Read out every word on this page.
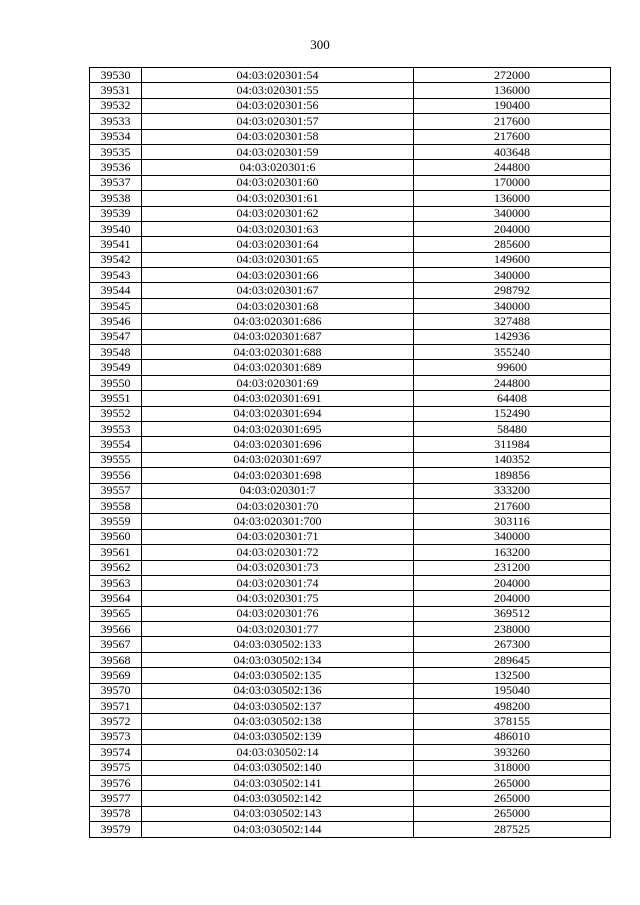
300
39530	04:03:020301:54	272000
39531	04:03:020301:55	136000
39532	04:03:020301:56	190400
39533	04:03:020301:57	217600
39534	04:03:020301:58	217600
39535	04:03:020301:59	403648
39536	04:03:020301:6	244800
39537	04:03:020301:60	170000
39538	04:03:020301:61	136000
39539	04:03:020301:62	340000
39540	04:03:020301:63	204000
39541	04:03:020301:64	285600
39542	04:03:020301:65	149600
39543	04:03:020301:66	340000
39544	04:03:020301:67	298792
39545	04:03:020301:68	340000
39546	04:03:020301:686	327488
39547	04:03:020301:687	142936
39548	04:03:020301:688	355240
39549	04:03:020301:689	99600
39550	04:03:020301:69	244800
39551	04:03:020301:691	64408
39552	04:03:020301:694	152490
39553	04:03:020301:695	58480
39554	04:03:020301:696	311984
39555	04:03:020301:697	140352
39556	04:03:020301:698	189856
39557	04:03:020301:7	333200
39558	04:03:020301:70	217600
39559	04:03:020301:700	303116
39560	04:03:020301:71	340000
39561	04:03:020301:72	163200
39562	04:03:020301:73	231200
39563	04:03:020301:74	204000
39564	04:03:020301:75	204000
39565	04:03:020301:76	369512
39566	04:03:020301:77	238000
39567	04:03:030502:133	267300
39568	04:03:030502:134	289645
39569	04:03:030502:135	132500
39570	04:03:030502:136	195040
39571	04:03:030502:137	498200
39572	04:03:030502:138	378155
39573	04:03:030502:139	486010
39574	04:03:030502:14	393260
39575	04:03:030502:140	318000
39576	04:03:030502:141	265000
39577	04:03:030502:142	265000
39578	04:03:030502:143	265000
39579	04:03:030502:144	287525
